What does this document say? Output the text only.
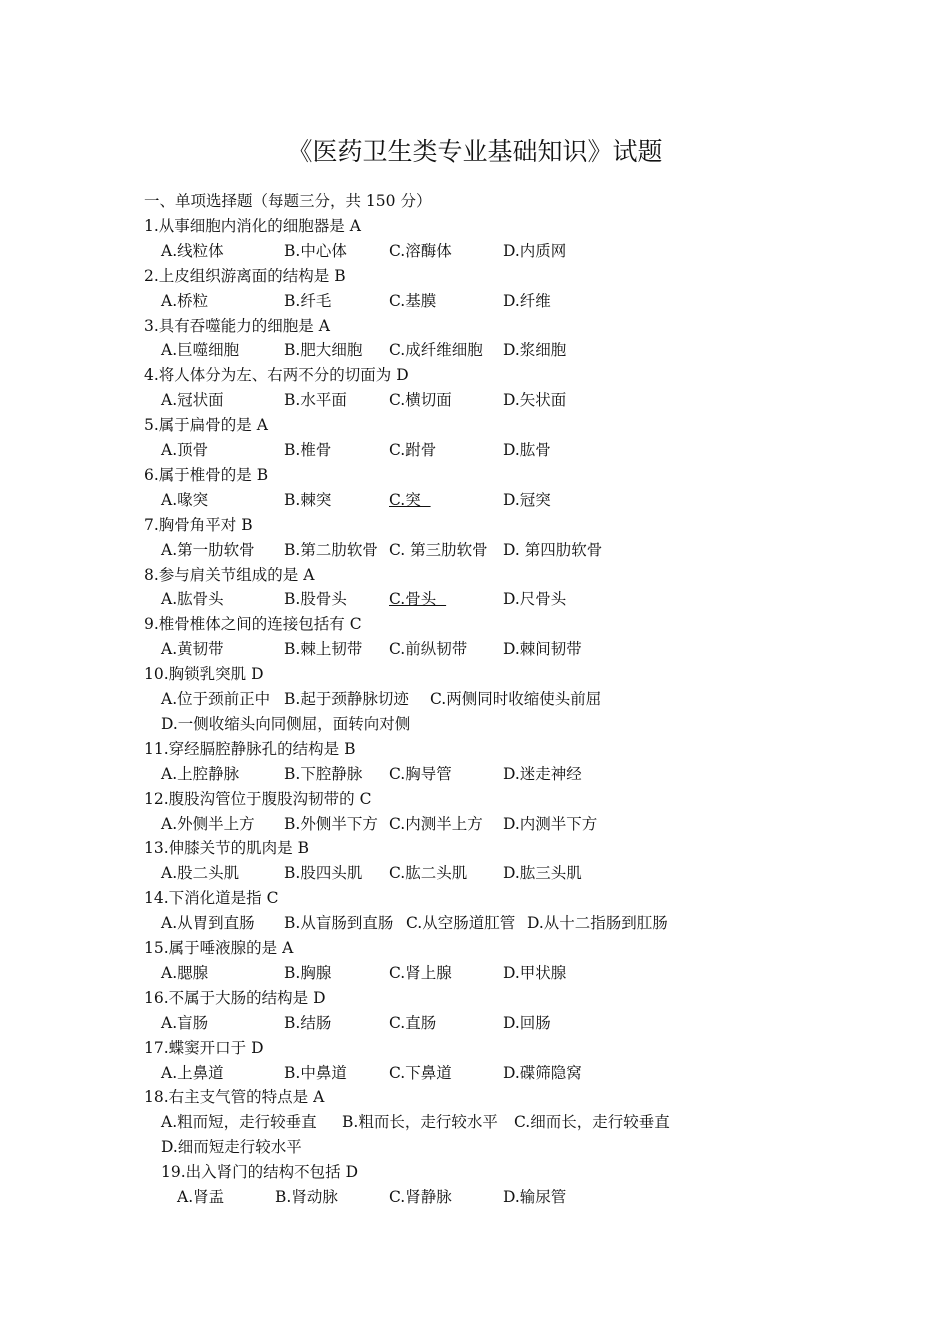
《医药卫生类专业基础知识》试题
一、单项选择题（每题三分，共 150 分）
1.从事细胞内消化的细胞器是 A
A.线粒体	B.中心体	C.溶酶体	D.内质网
2.上皮组织游离面的结构是 B
A.桥粒	B.纤毛	C.基膜	D.纤维
3.具有吞噬能力的细胞是 A
A.巨噬细胞	B.肥大细胞 C.成纤维细胞 D.浆细胞
4.将人体分为左、右两不分的切面为 D
A.冠状面	B.水平面	C.横切面	D.矢状面
5.属于扁骨的是 A
A.顶骨	B.椎骨	C.跗骨	D.肱骨
6.属于椎骨的是 B
A.喙突	B.棘突	C.突	D.冠突
7.胸骨角平对 B
A.第一肋软骨 B.第二肋软骨 C. 第三肋软骨 D. 第四肋软骨
8.参与肩关节组成的是 A
A.肱骨头	B.股骨头	C.骨头	D.尺骨头
9.椎骨椎体之间的连接包括有 C
A.黄韧带	B.棘上韧带 C.前纵韧带 D.棘间韧带
10.胸锁乳突肌 D
A.位于颈前正中 B.起于颈静脉切迹 C.两侧同时收缩使头前屈
D.一侧收缩头向同侧屈，面转向对侧
11.穿经膈腔静脉孔的结构是 B
A.上腔静脉	B.下腔静脉 C.胸导管	D.迷走神经
12.腹股沟管位于腹股沟韧带的 C
A.外侧半上方 B.外侧半下方 C.内测半上方 D.内测半下方
13.伸膝关节的肌肉是 B
A.股二头肌	B.股四头肌 C.肱二头肌 D.肱三头肌
14.下消化道是指 C
A.从胃到直肠 B.从盲肠到直肠 C.从空肠道肛管 D.从十二指肠到肛肠
15.属于唾液腺的是 A
A.腮腺	B.胸腺	C.肾上腺	D.甲状腺
16.不属于大肠的结构是 D
A.盲肠	B.结肠	C.直肠	D.回肠
17.蝶窦开口于 D
A.上鼻道	B.中鼻道	C.下鼻道	D.碟筛隐窝
18.右主支气管的特点是 A
A.粗而短，走行较垂直 B.粗而长，走行较水平 C.细而长，走行较垂直
D.细而短走行较水平
19.出入肾门的结构不包括 D
A.肾盂	B.肾动脉	C.肾静脉	D.输尿管
